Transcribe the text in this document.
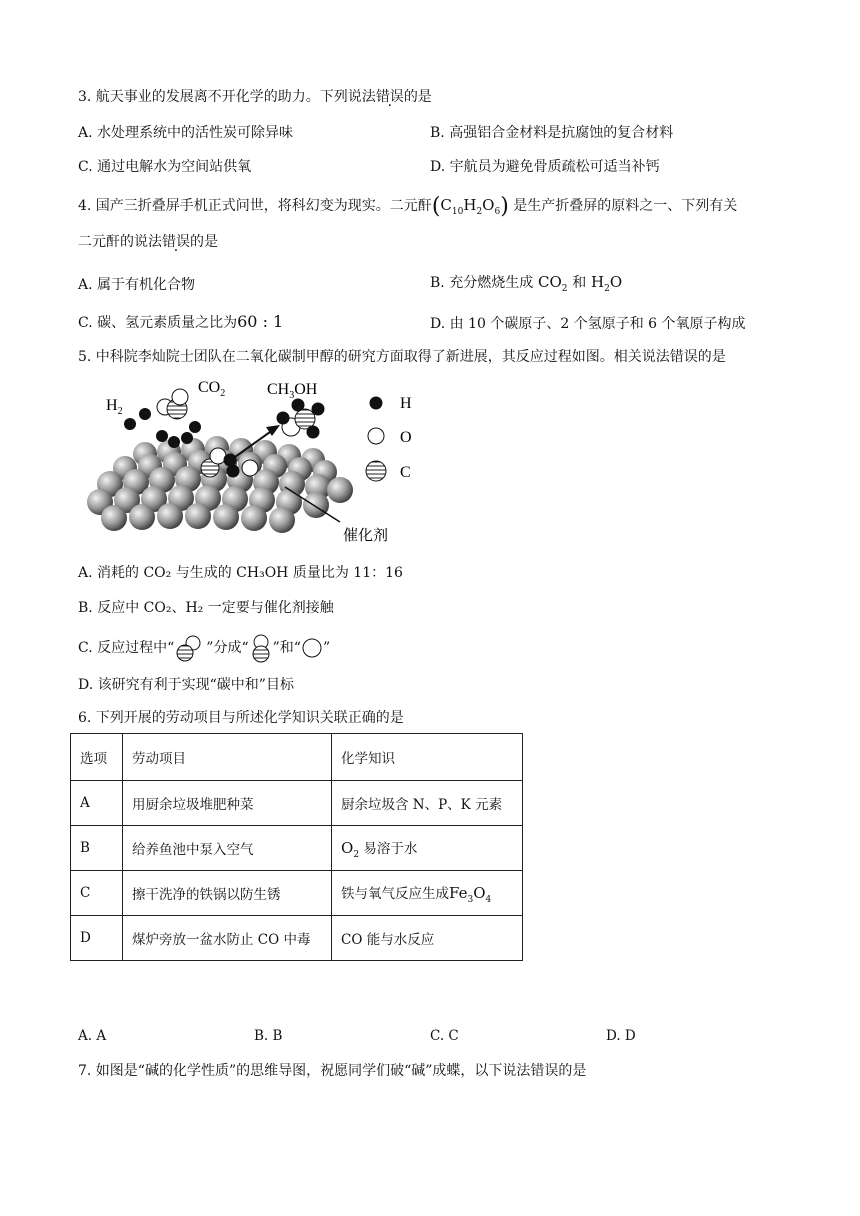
3. 航天事业的发展离不开化学的助力。下列说法错误的是
A. 水处理系统中的活性炭可除异味	B. 高强铝合金材料是抗腐蚀的复合材料
C. 通过电解水为空间站供氧	D. 宇航员为避免骨质疏松可适当补钙
4. 国产三折叠屏手机正式问世，将科幻变为现实。二元酐$(C_{10}H_2O_6)$ 是生产折叠屏的原料之一、下列有关
二元酐的说法错误的是
A. 属于有机化合物	B. 充分燃烧生成 $CO_2$ 和 $H_2O$
C. 碳、氢元素质量之比为60 : 1	D. 由 10 个碳原子、2 个氢原子和 6 个氧原子构成
5. 中科院李灿院士团队在二氧化碳制甲醇的研究方面取得了新进展，其反应过程如图。相关说法错误的是
$H_2$
$CO_2$	$CH_3OH$
催化剂
H
O
C
A. 消耗的 CO₂ 与生成的 CH₃OH 质量比为 11：16
B. 反应中 CO₂、H₂ 一定要与催化剂接触
C. 反应过程中“ ”分成“ ”和“ ”
D. 该研究有利于实现“碳中和”目标
6. 下列开展的劳动项目与所述化学知识关联正确的是
选项	劳动项目	化学知识
A	用厨余垃圾堆肥种菜	厨余垃圾含 N、P、K 元素
B	给养鱼池中泵入空气	$O_2$ 易溶于水
C	擦干洗净的铁锅以防生锈	铁与氧气反应生成$Fe_3O_4$
D	煤炉旁放一盆水防止 CO 中毒	CO 能与水反应
A. A	B. B	C. C	D. D
7. 如图是“碱的化学性质”的思维导图，祝愿同学们破“碱”成蝶，以下说法错误的是
